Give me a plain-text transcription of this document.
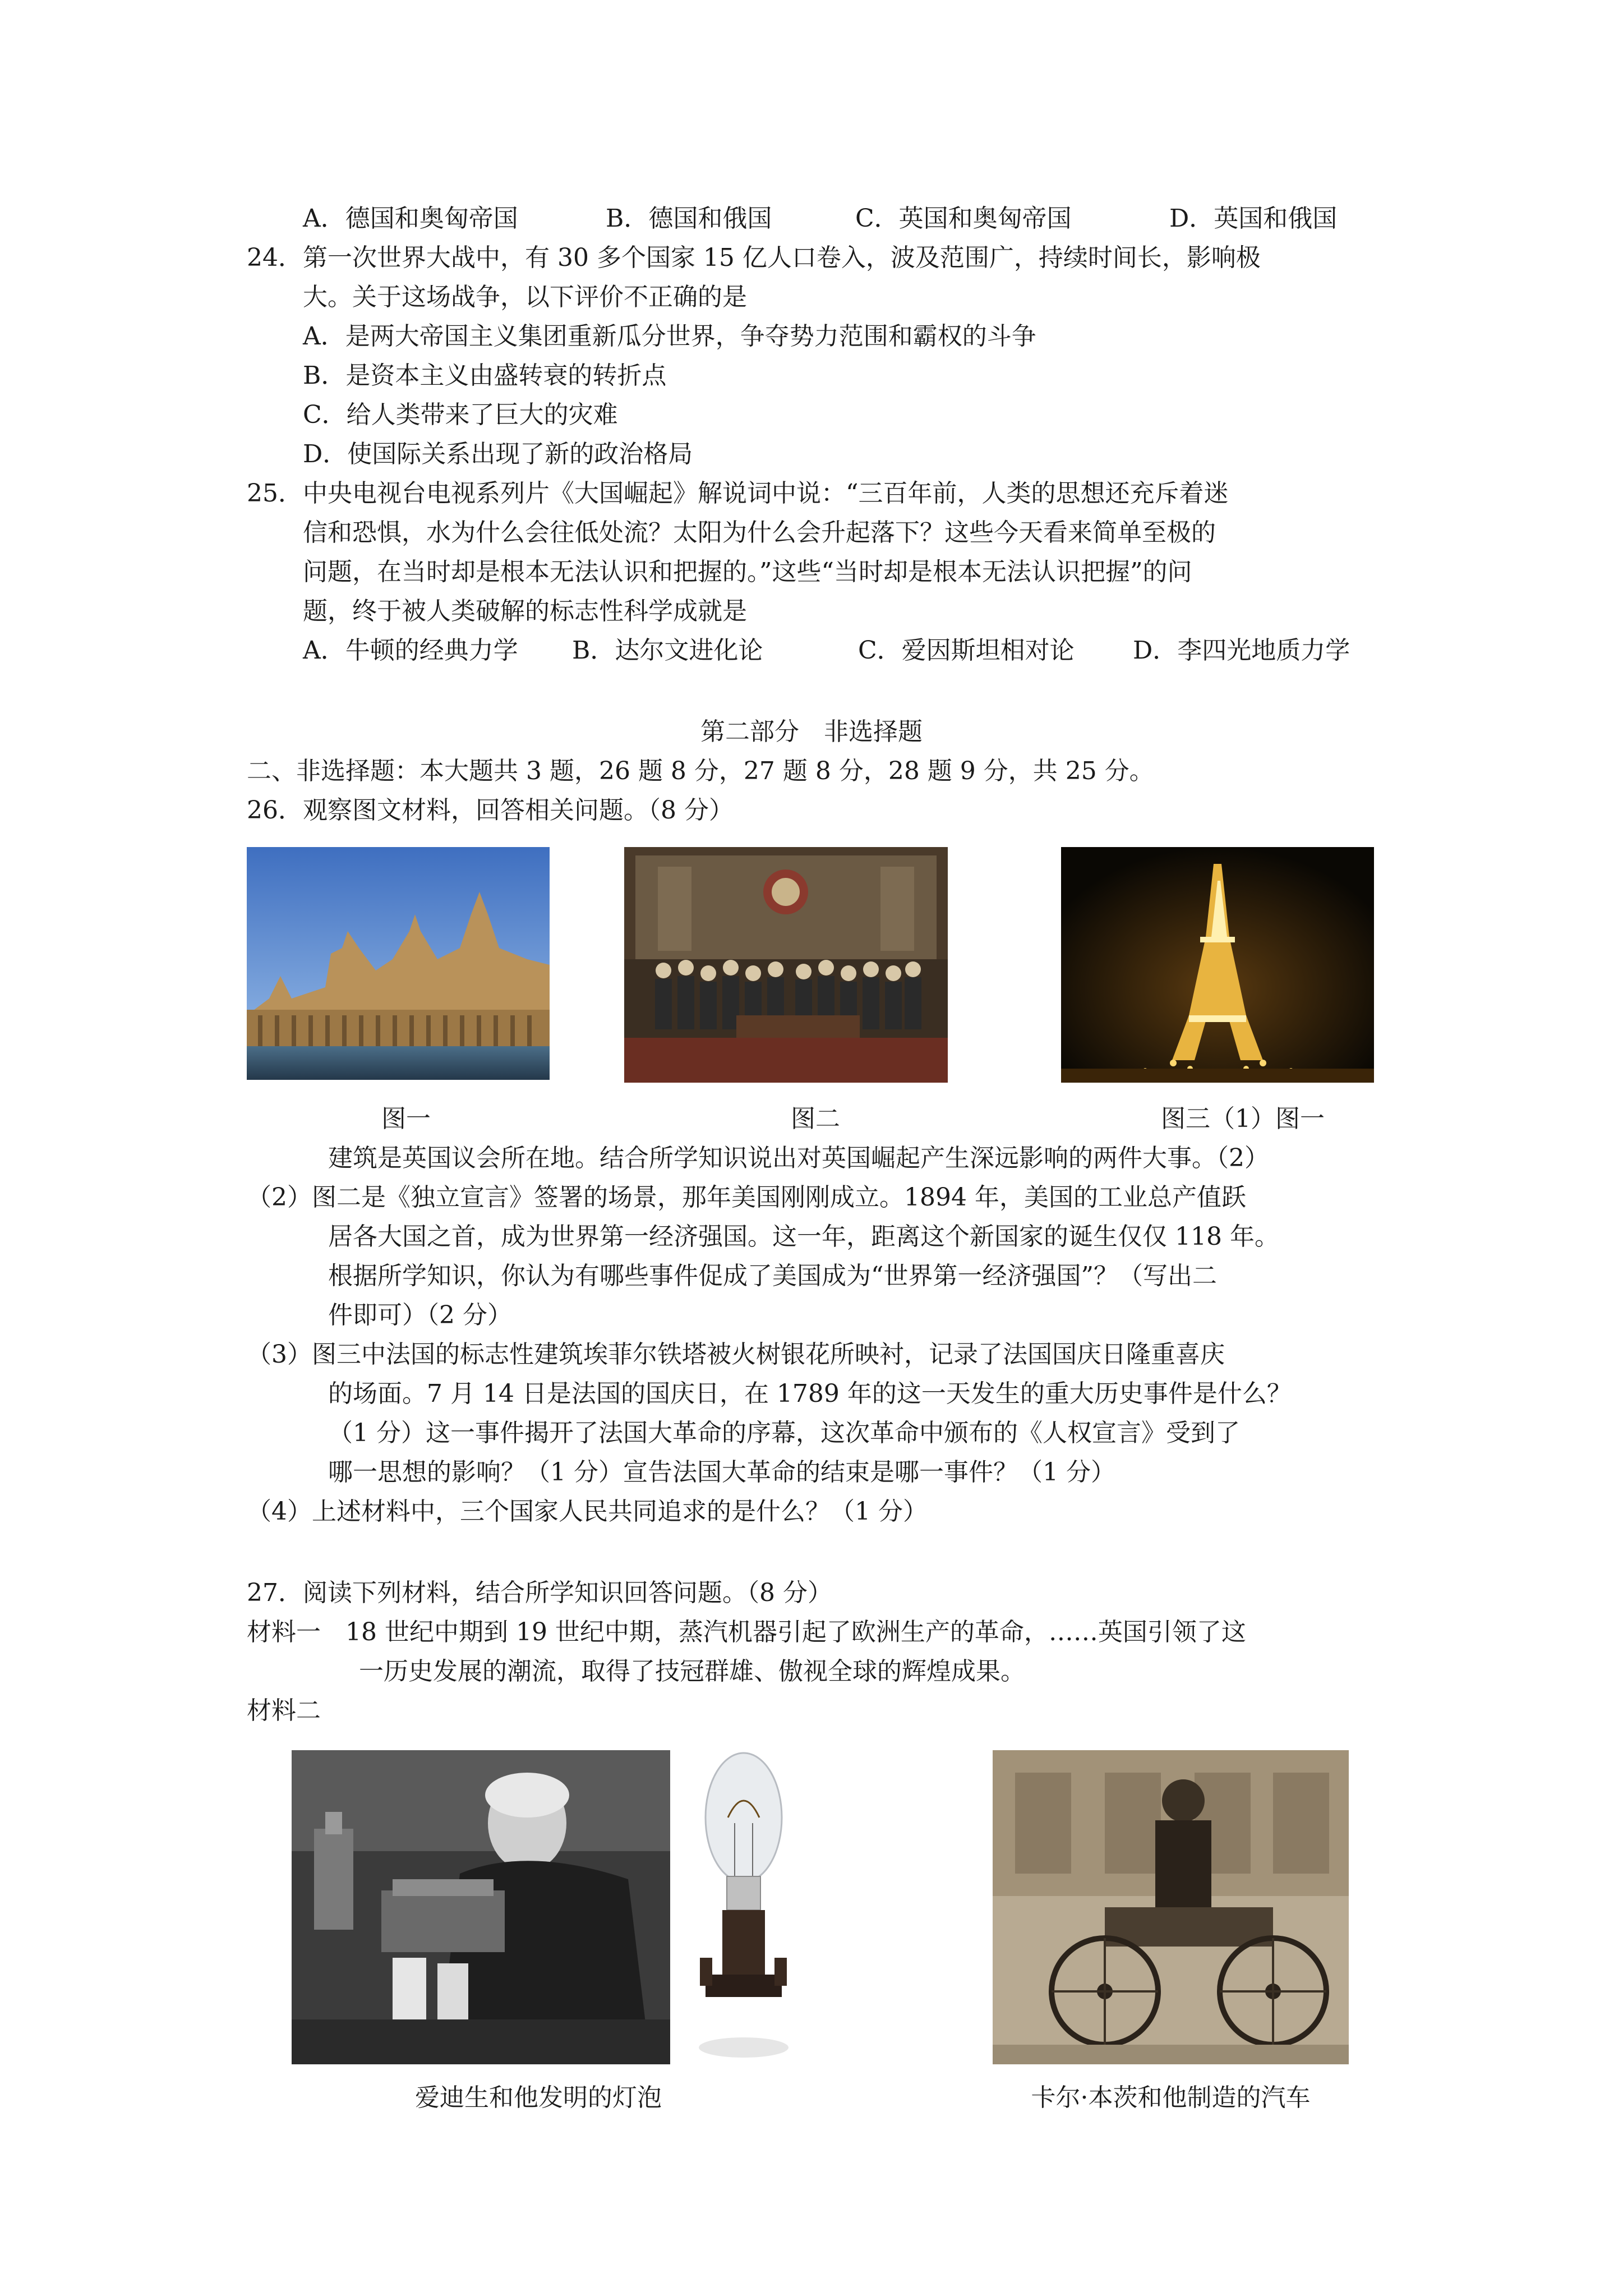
A．德国和奥匈帝国	B．德国和俄国	C．英国和奥匈帝国	D．英国和俄国
24．第一次世界大战中，有 30 多个国家 15 亿人口卷入，波及范围广，持续时间长，影响极
大。关于这场战争，以下评价不正确的是
A．是两大帝国主义集团重新瓜分世界，争夺势力范围和霸权的斗争
B．是资本主义由盛转衰的转折点
C．给人类带来了巨大的灾难
D．使国际关系出现了新的政治格局
25．中央电视台电视系列片《大国崛起》解说词中说：“三百年前，人类的思想还充斥着迷
信和恐惧，水为什么会往低处流？太阳为什么会升起落下？这些今天看来简单至极的
问题，在当时却是根本无法认识和把握的。”这些“当时却是根本无法认识把握”的问
题，终于被人类破解的标志性科学成就是
A．牛顿的经典力学 B．达尔文进化论	C．爱因斯坦相对论 D．李四光地质力学
第二部分　非选择题
二、非选择题：本大题共 3 题，26 题 8 分，27 题 8 分，28 题 9 分，共 25 分。
26．观察图文材料，回答相关问题。（8 分）
图一	图二	图三（1）图一
建筑是英国议会所在地。结合所学知识说出对英国崛起产生深远影响的两件大事。（2）
（2）图二是《独立宣言》签署的场景，那年美国刚刚成立。1894 年，美国的工业总产值跃
居各大国之首，成为世界第一经济强国。这一年，距离这个新国家的诞生仅仅 118 年。
根据所学知识，你认为有哪些事件促成了美国成为“世界第一经济强国”？（写出二
件即可）（2 分）
（3）图三中法国的标志性建筑埃菲尔铁塔被火树银花所映衬，记录了法国国庆日隆重喜庆
的场面。7 月 14 日是法国的国庆日，在 1789 年的这一天发生的重大历史事件是什么？
（1 分）这一事件揭开了法国大革命的序幕，这次革命中颁布的《人权宣言》受到了
哪一思想的影响？（1 分）宣告法国大革命的结束是哪一事件？（1 分）
（4）上述材料中，三个国家人民共同追求的是什么？（1 分）
27．阅读下列材料，结合所学知识回答问题。（8 分）
材料一　18 世纪中期到 19 世纪中期，蒸汽机器引起了欧洲生产的革命，……英国引领了这
一历史发展的潮流，取得了技冠群雄、傲视全球的辉煌成果。
材料二
爱迪生和他发明的灯泡	卡尔·本茨和他制造的汽车
